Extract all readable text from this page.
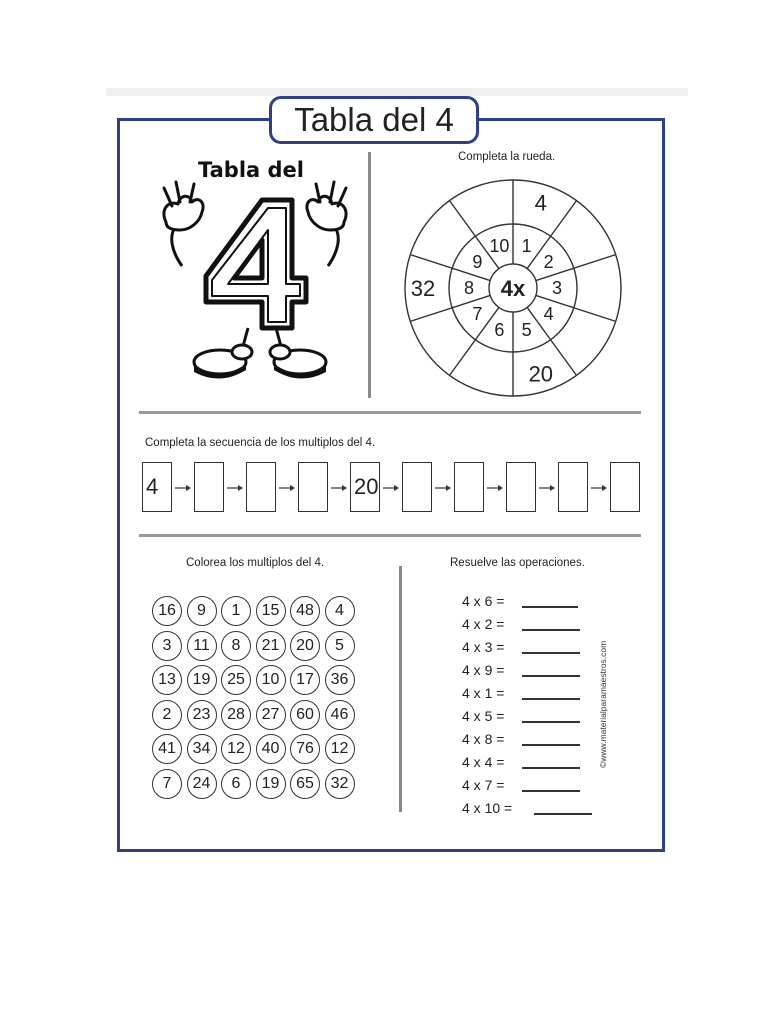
Tabla del 4
Tabla del
Completa la rueda.
4x
1
4
2
3
4
5
20
6
7
8
32
9
10
Completa la secuencia de los multiplos del 4.
4	20
Colorea los multiplos del 4.
16	9	1	15	48	4
3	11	8	21	20	5
13	19	25	10	17	36
2	23	28	27	60	46
41	34	12	40	76	12
7	24	6	19	65	32
Resuelve las operaciones.
4 x 6 =
4 x 2 =
4 x 3 =
4 x 9 =
4 x 1 =
4 x 5 =
4 x 8 =
4 x 4 =
4 x 7 =
4 x 10 =
©www.materialparamaestros.com
